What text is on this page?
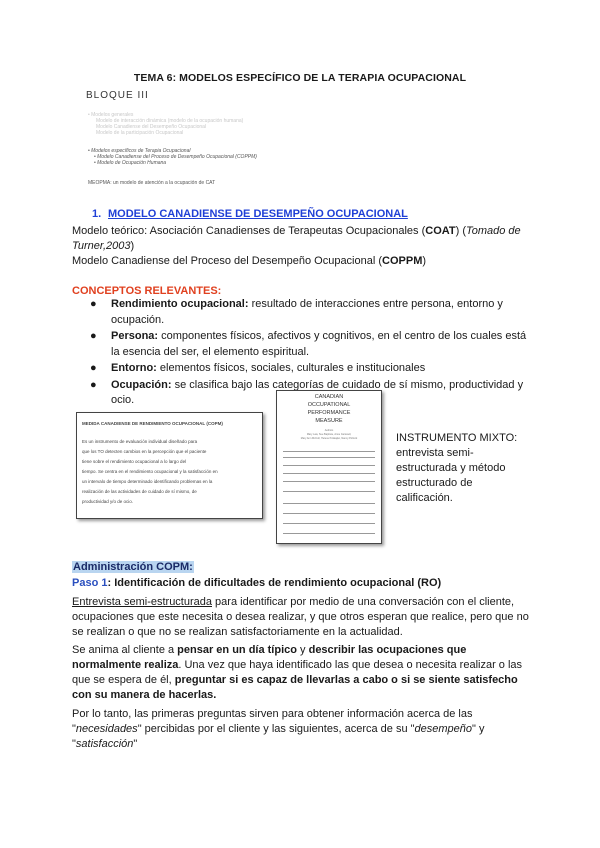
TEMA 6: MODELOS ESPECÍFICO DE LA TERAPIA OCUPACIONAL
BLOQUE III
• Modelos generales
Modelo de interacción dinámica (modelo de la ocupación humana)
Modelo Canadiense del Desempeño Ocupacional
Modelo de la participación Ocupacional
• Modelos específicos de Terapia Ocupacional
• Modelo Canadiense del Proceso de Desempeño Ocupacional (COPPM)
• Modelo de Ocupación Humana
MEOPMA: un modelo de atención a la ocupación de CAT
1. MODELO CANADIENSE DE DESEMPEÑO OCUPACIONAL
Modelo teórico: Asociación Canadienses de Terapeutas Ocupacionales (COAT) (Tomado de Turner,2003)
Modelo Canadiense del Proceso del Desempeño Ocupacional (COPPM)
CONCEPTOS RELEVANTES:
● Rendimiento ocupacional: resultado de interacciones entre persona, entorno y ocupación.
● Persona: componentes físicos, afectivos y cognitivos, en el centro de los cuales está la esencia del ser, el elemento espiritual.
● Entorno: elementos físicos, sociales, culturales e institucionales
● Ocupación: se clasifica bajo las categorías de cuidado de sí mismo, productividad y ocio.
MEDIDA CANADIENSE DE RENDIMIENTO OCUPACIONAL (COPM)
Es un instrumento de evaluación individual diseñado para
que los TO detecten cambios en la percepción que el paciente
tiene sobre el rendimiento ocupacional a lo largo del
tiempo. Se centra en el rendimiento ocupacional y la satisfacción en
un intervalo de tiempo determinado identificando problemas en la
realización de las actividades de cuidado de sí mismo, de
productividad y/o de ocio.
CANADIAN
OCCUPATIONAL
PERFORMANCE
MEASURE
Authors
Mary Law, Sue Baptiste, Anne Carswell,
Mary Ann McColl, Helene Polatajko, Nancy Pollock	INSTRUMENTO MIXTO:
entrevista semi-estructurada y método estructurado de calificación.
Administración COPM:
Paso 1: Identificación de dificultades de rendimiento ocupacional (RO)
Entrevista semi-estructurada para identificar por medio de una conversación con el cliente, ocupaciones que este necesita o desea realizar, y que otros esperan que realice, pero que no se realizan o que no se realizan satisfactoriamente en la actualidad.
Se anima al cliente a pensar en un día típico y describir las ocupaciones que normalmente realiza. Una vez que haya identificado las que desea o necesita realizar o las que se espera de él, preguntar si es capaz de llevarlas a cabo o si se siente satisfecho con su manera de hacerlas.
Por lo tanto, las primeras preguntas sirven para obtener información acerca de las "necesidades" percibidas por el cliente y las siguientes, acerca de su "desempeño" y "satisfacción"
